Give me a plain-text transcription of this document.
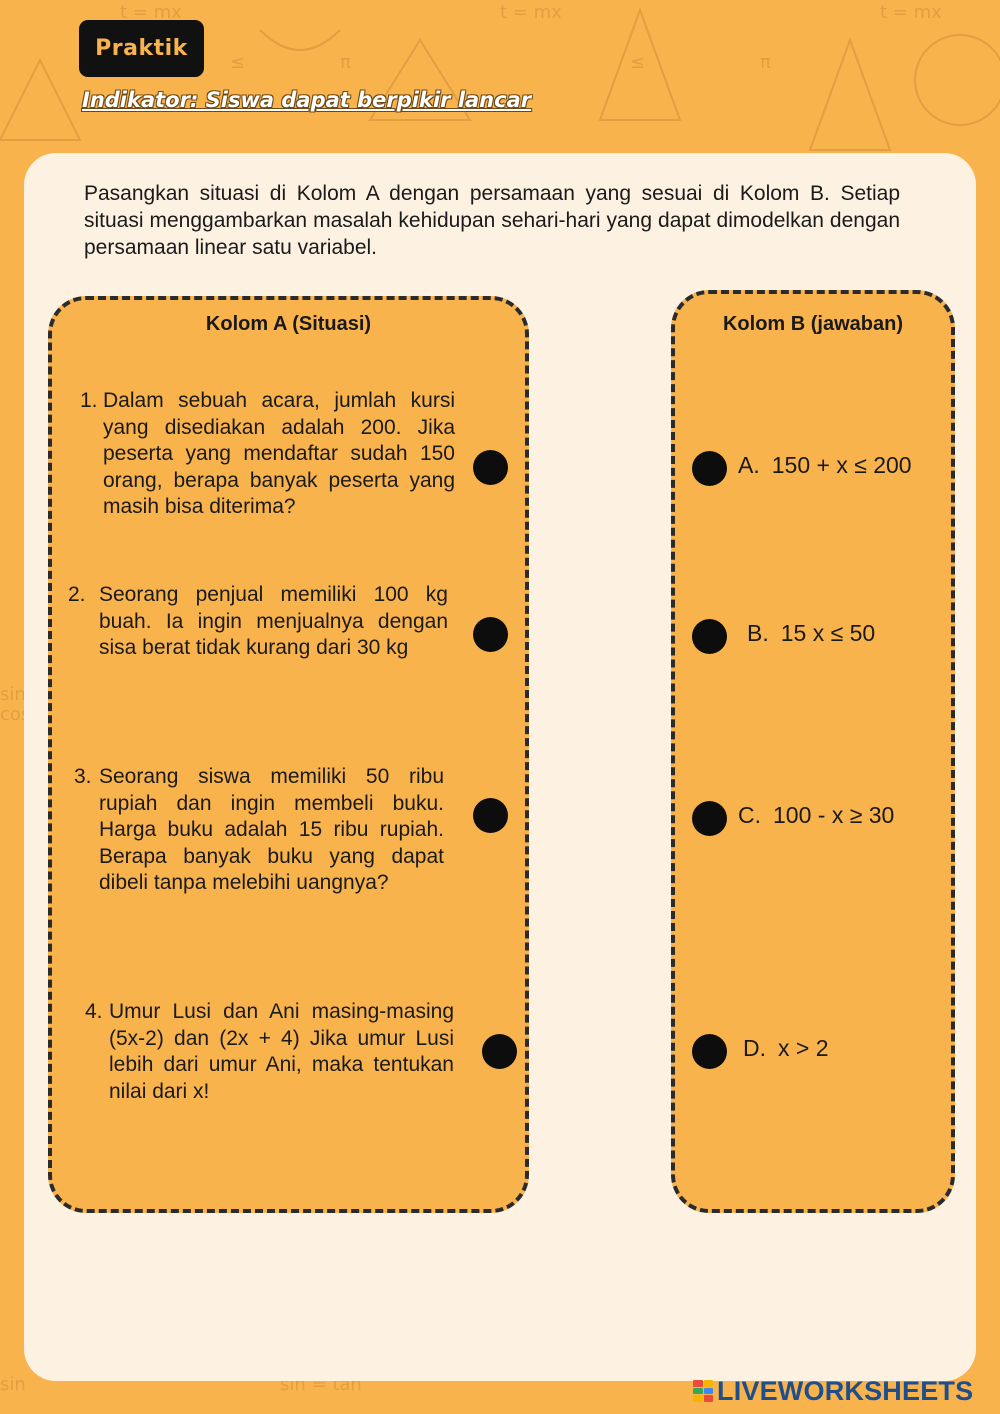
t = mx	t = mx
t = mx
π
π
≤	≤
sin
cos
sin	sin = tan
Praktik
Indikator: Siswa dapat berpikir lancar
Pasangkan situasi di Kolom A dengan persamaan yang sesuai di Kolom B. Setiap situasi menggambarkan masalah kehidupan sehari-hari yang dapat dimodelkan dengan persamaan linear satu variabel.
Kolom A (Situasi)
1. Dalam sebuah acara, jumlah kursi yang disediakan adalah 200. Jika peserta yang mendaftar sudah 150 orang, berapa banyak peserta yang masih bisa diterima?
2. Seorang penjual memiliki 100 kg buah. Ia ingin menjualnya dengan sisa berat tidak kurang dari 30 kg
3. Seorang siswa memiliki 50 ribu rupiah dan ingin membeli buku. Harga buku adalah 15 ribu rupiah. Berapa banyak buku yang dapat dibeli tanpa melebihi uangnya?
4. Umur Lusi dan Ani masing-masing (5x-2) dan (2x + 4) Jika umur Lusi lebih dari umur Ani, maka tentukan nilai dari x!
Kolom B (jawaban)
A. 150 + x ≤ 200
B. 15 x ≤ 50
C. 100 - x ≥ 30
D. x > 2
LIVEWORKSHEETS
